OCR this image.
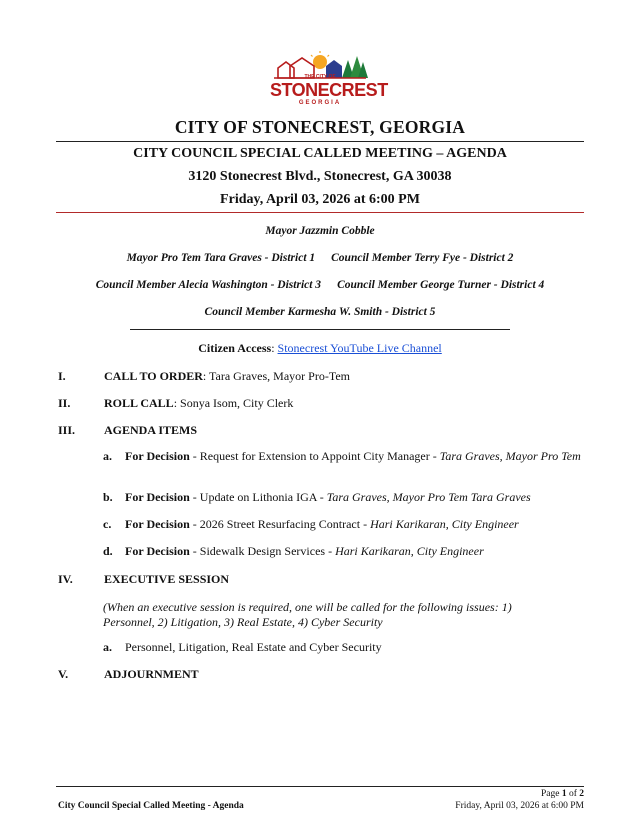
THE CITY OF
STONECREST
GEORGIA
CITY OF STONECREST, GEORGIA
CITY COUNCIL SPECIAL CALLED MEETING – AGENDA
3120 Stonecrest Blvd., Stonecrest, GA 30038
Friday, April 03, 2026 at 6:00 PM
Mayor Jazzmin Cobble
Mayor Pro Tem Tara Graves - District 1 Council Member Terry Fye - District 2
Council Member Alecia Washington - District 3 Council Member George Turner - District 4
Council Member Karmesha W. Smith - District 5
Citizen Access: Stonecrest YouTube Live Channel
I.	CALL TO ORDER: Tara Graves, Mayor Pro-Tem
II.	ROLL CALL: Sonya Isom, City Clerk
III. AGENDA ITEMS
a. For Decision - Request for Extension to Appoint City Manager - Tara Graves, Mayor Pro Tem
b. For Decision - Update on Lithonia IGA - Tara Graves, Mayor Pro Tem Tara Graves
c. For Decision - 2026 Street Resurfacing Contract - Hari Karikaran, City Engineer
d. For Decision - Sidewalk Design Services - Hari Karikaran, City Engineer
IV.	EXECUTIVE SESSION
(When an executive session is required, one will be called for the following issues: 1) Personnel, 2) Litigation, 3) Real Estate, 4) Cyber Security
a. Personnel, Litigation, Real Estate and Cyber Security
V.	ADJOURNMENT
Page 1 of 2
City Council Special Called Meeting - Agenda	Friday, April 03, 2026 at 6:00 PM
